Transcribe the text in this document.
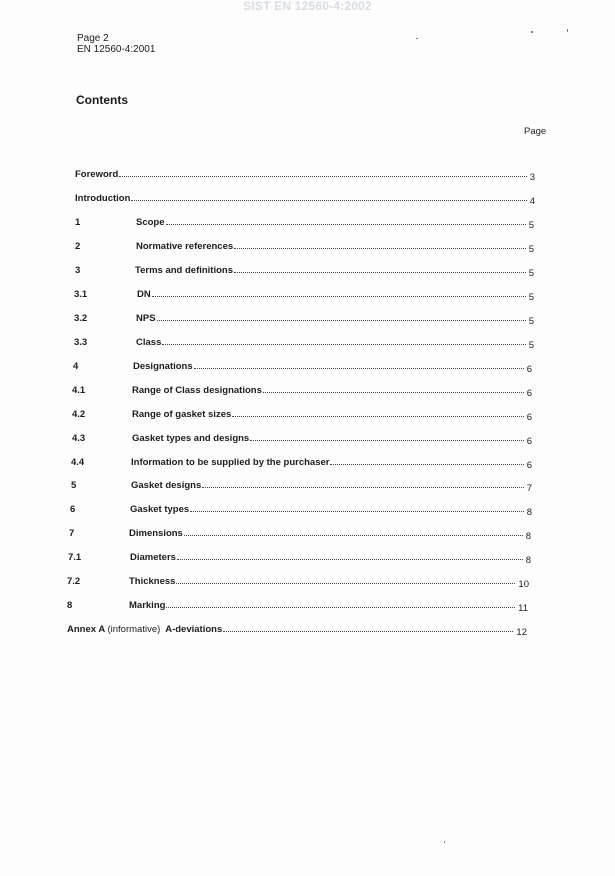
SIST EN 12560-4:2002
Page 2
EN 12560-4:2001
Contents
Page
Foreword	3
Introduction	4
1	Scope	5
2	Normative references	5
3	Terms and definitions	5
3.1	DN	5
3.2	NPS	5
3.3	Class	5
4	Designations	6
4.1	Range of Class designations	6
4.2	Range of gasket sizes	6
4.3	Gasket types and designs	6
4.4	Information to be supplied by the purchaser	6
5	Gasket designs	7
6	Gasket types	8
7	Dimensions	8
7.1	Diameters	8
7.2	Thickness	10
8	Marking	11
Annex A (informative) A-deviations	12
